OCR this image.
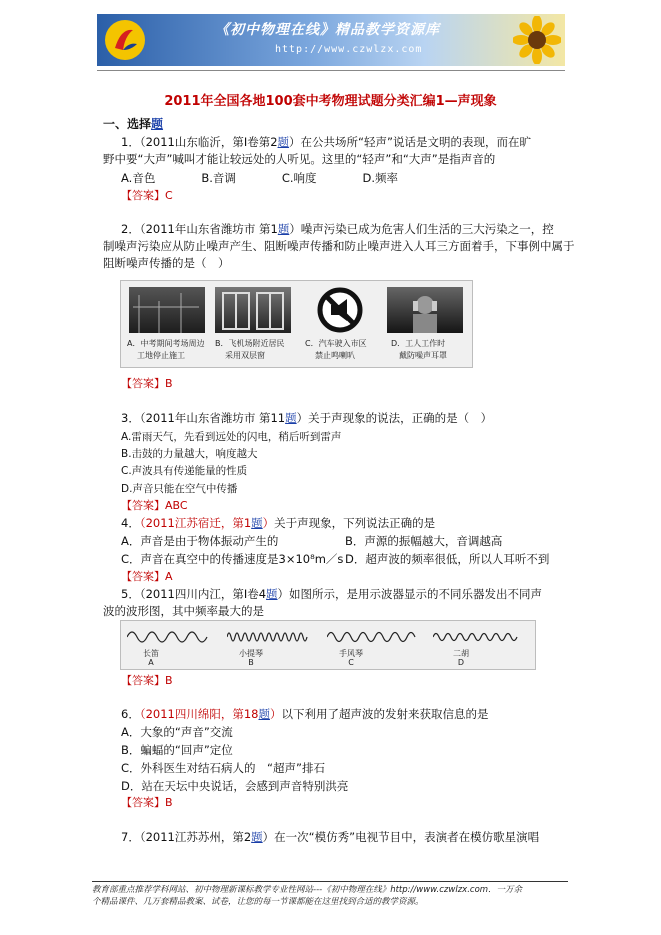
《初中物理在线》精品教学资源库
http://www.czwlzx.com
2011年全国各地100套中考物理试题分类汇编1—声现象
一、选择题
1．（2011山东临沂，第Ⅰ卷第2题）在公共场所“轻声”说话是文明的表现，而在旷
野中要“大声”喊叫才能让较远处的人听见。这里的“轻声”和“大声”是指声音的
A.音色　　　　B.音调　　　　C.响度　　　　D.频率
【答案】C
2．（2011年山东省潍坊市 第1题）噪声污染已成为危害人们生活的三大污染之一，控
制噪声污染应从防止噪声产生、阻断噪声传播和防止噪声进入人耳三方面着手，下事例中属于
阻断噪声传播的是（　）
A．中考期间考场周边
工地停止施工
B．飞机场附近居民
采用双层窗
C．汽车驶入市区
禁止鸣喇叭
D．工人工作时
戴防噪声耳罩
【答案】B
3．（2011年山东省潍坊市 第11题）关于声现象的说法，正确的是（　）
A.雷雨天气，先看到远处的闪电，稍后听到雷声
B.击鼓的力量越大，响度越大
C.声波具有传递能量的性质
D.声音只能在空气中传播
【答案】ABC
4．（2011江苏宿迁，第1题）关于声现象，下列说法正确的是
A．声音是由于物体振动产生的	B．声源的振幅越大，音调越高
C．声音在真空中的传播速度是3×10⁸m／s D．超声波的频率很低，所以人耳听不到
【答案】A
5．（2011四川内江，第Ⅰ卷4题）如图所示，是用示波器显示的不同乐器发出不同声
波的波形图，其中频率最大的是
长笛
A
小提琴
B
手风琴
C
二胡
D
【答案】B
6．（2011四川绵阳，第18题）以下利用了超声波的发射来获取信息的是
A．大象的“声音”交流
B．蝙蝠的“回声”定位
C．外科医生对结石病人的　“超声”排石
D．站在天坛中央说话，会感到声音特别洪亮
【答案】B
7．（2011江苏苏州，第2题）在一次“模仿秀”电视节目中，表演者在模仿歌星演唱
教育部重点推荐学科网站、初中物理新课标教学专业性网站---《初中物理在线》http://www.czwlzx.com．一万余
个精品课件、几万套精品教案、试卷，让您的每一节课都能在这里找到合适的教学资源。
